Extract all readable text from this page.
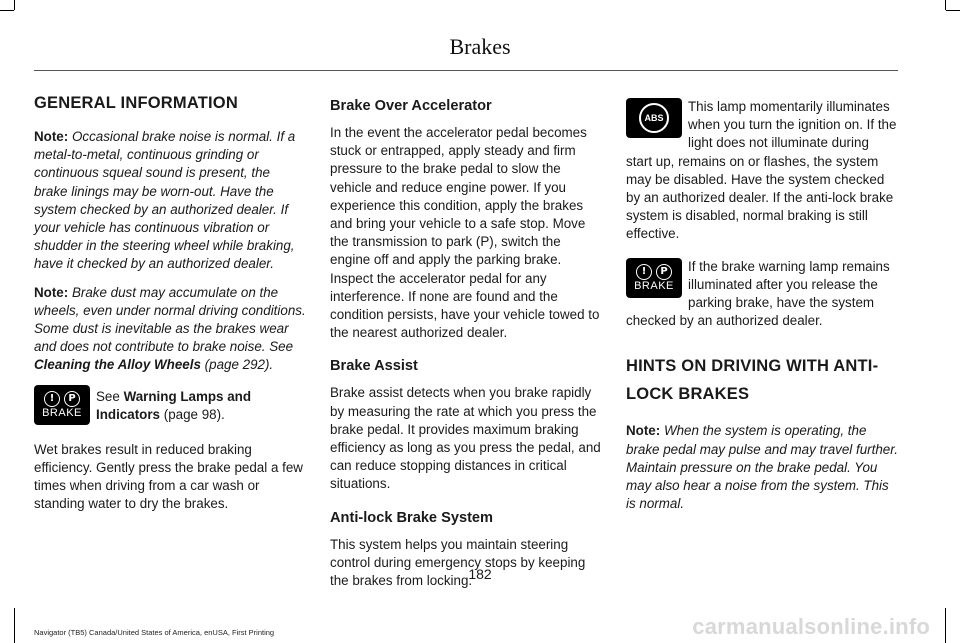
Brakes
GENERAL INFORMATION

Note: Occasional brake noise is normal. If a metal-to-metal, continuous grinding or continuous squeal sound is present, the brake linings may be worn-out. Have the system checked by an authorized dealer. If your vehicle has continuous vibration or shudder in the steering wheel while braking, have it checked by an authorized dealer.

Note: Brake dust may accumulate on the wheels, even under normal driving conditions. Some dust is inevitable as the brakes wear and does not contribute to brake noise. See Cleaning the Alloy Wheels (page 292).

! P
BRAKE
See Warning Lamps and Indicators (page 98).

Wet brakes result in reduced braking efficiency. Gently press the brake pedal a few times when driving from a car wash or standing water to dry the brakes.

Brake Over Accelerator

In the event the accelerator pedal becomes stuck or entrapped, apply steady and firm pressure to the brake pedal to slow the vehicle and reduce engine power. If you experience this condition, apply the brakes and bring your vehicle to a safe stop. Move the transmission to park (P), switch the engine off and apply the parking brake. Inspect the accelerator pedal for any interference. If none are found and the condition persists, have your vehicle towed to the nearest authorized dealer.

Brake Assist

Brake assist detects when you brake rapidly by measuring the rate at which you press the brake pedal. It provides maximum braking efficiency as long as you press the pedal, and can reduce stopping distances in critical situations.

Anti-lock Brake System

This system helps you maintain steering control during emergency stops by keeping the brakes from locking.

ABS
This lamp momentarily illuminates when you turn the ignition on. If the light does not illuminate during start up, remains on or flashes, the system may be disabled. Have the system checked by an authorized dealer. If the anti-lock brake system is disabled, normal braking is still effective.
! P
BRAKE
If the brake warning lamp remains illuminated after you release the parking brake, have the system checked by an authorized dealer.
HINTS ON DRIVING WITH ANTI-
LOCK BRAKES

Note: When the system is operating, the brake pedal may pulse and may travel further. Maintain pressure on the brake pedal. You may also hear a noise from the system. This is normal.

182
Navigator (TB5) Canada/United States of America, enUSA, First Printing	carmanualsonline.info
